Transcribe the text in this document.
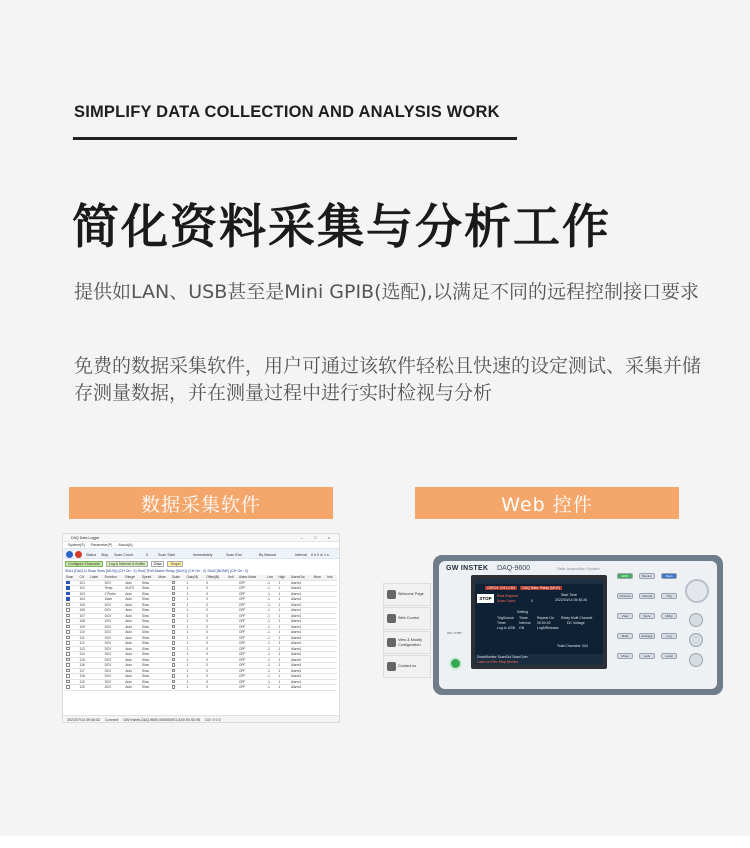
SIMPLIFY DATA COLLECTION AND ANALYSIS WORK
简化资料采集与分析工作

提供如LAN、USB甚至是Mini GPIB(选配),以满足不同的远程控制接口要求

免费的数据采集软件，用户可通过该软件轻松且快速的设定测试、采集并储存测量数据，并在测量过程中进行实时检视与分析

数据采集软件	Web 控件
DAQ Data Logger	– □ ×
System(S) Parameter(P) About(A)
Status Stop Scan Count	0	Scan Start	Immediately	Scan End	By Manual	Interval 0 h 0 m 1 s
Configure Channels	Log & Interval & Buffer	Data	Graph
Slot1 [DAQ-N Scan Slots (MUX)] (CH On : 4) Slot2 [Full Matrix Relay (MUX)] (CH On : 0) Slot3 [NONE] (CH On : 0)
Scan	CH	Label	Function	Range	Speed	More	Scale	Gain(M)	Offset(B)	Unit	Alarm Mode	Low	High	AlarmOut	More	Info
	101		DCV	Auto	Slow			1	0		OFF	-1	1	Alarm1		
	102		Temp	AUTO	Slow			1	0		OFF	-1	1	Alarm1		
	103		2 Probe	Auto	Slow			1	0		OFF	-1	1	Alarm1		
	104		2wire	Auto	Slow			1	0		OFF	-1	1	Alarm1		
	105		DCV	Auto	Slow			1	0		OFF	-1	1	Alarm1		
	106		DCV	Auto	Slow			1	0		OFF	-1	1	Alarm1		
	107		DCV	Auto	Slow			1	0		OFF	-1	1	Alarm1		
	108		DCV	Auto	Slow			1	0		OFF	-1	1	Alarm1		
	109		DCV	Auto	Slow			1	0		OFF	-1	1	Alarm1		
	110		DCV	Auto	Slow			1	0		OFF	-1	1	Alarm1		
	111		DCV	Auto	Slow			1	0		OFF	-1	1	Alarm1		
	112		DCV	Auto	Slow			1	0		OFF	-1	1	Alarm1		
	113		DCV	Auto	Slow			1	0		OFF	-1	1	Alarm1		
	114		DCV	Auto	Slow			1	0		OFF	-1	1	Alarm1		
	115		DCV	Auto	Slow			1	0		OFF	-1	1	Alarm1		
	116		DCV	Auto	Slow			1	0		OFF	-1	1	Alarm1		
	117		DCV	Auto	Slow			1	0		OFF	-1	1	Alarm1		
	118		DCV	Auto	Slow			1	0		OFF	-1	1	Alarm1		
	119		DCV	Auto	Slow			1	0		OFF	-1	1	Alarm1		
	120		DCV	Auto	Slow			1	0		OFF	-1	1	Alarm1		
2021/07/14 09:46:52 Connect GW Instek,DAQ-9600,000000001,AX0.90,S0.95 DO: 0 0 0
Welcome Page
Web Control
View & Modify Configuration
Contact us
GW INSTEK DAQ-9600	Data Acquisition System
CIRCH: CH1-CH4 DAQ Data: Relay (MUX)
STOP	Real Elapsed
Scan Count	0
Start Time
2022/04/14 05:45:26
Setting
TrigSource	Timer	Repeat On
Timer	Interval	00:00:02
Log to USB	ON	LogMRelease
Relay Multi Channel
DC Voltage
Total Channels: 004
ScanMonitor ScanOut ScanOver
Latch on Rev Stop Monitor
ON / STBY
EXC	Monitor	Scan
Channel	Interval	Trig
View	Store	Utility
Math	Average	Log
Move	Lock	Local
